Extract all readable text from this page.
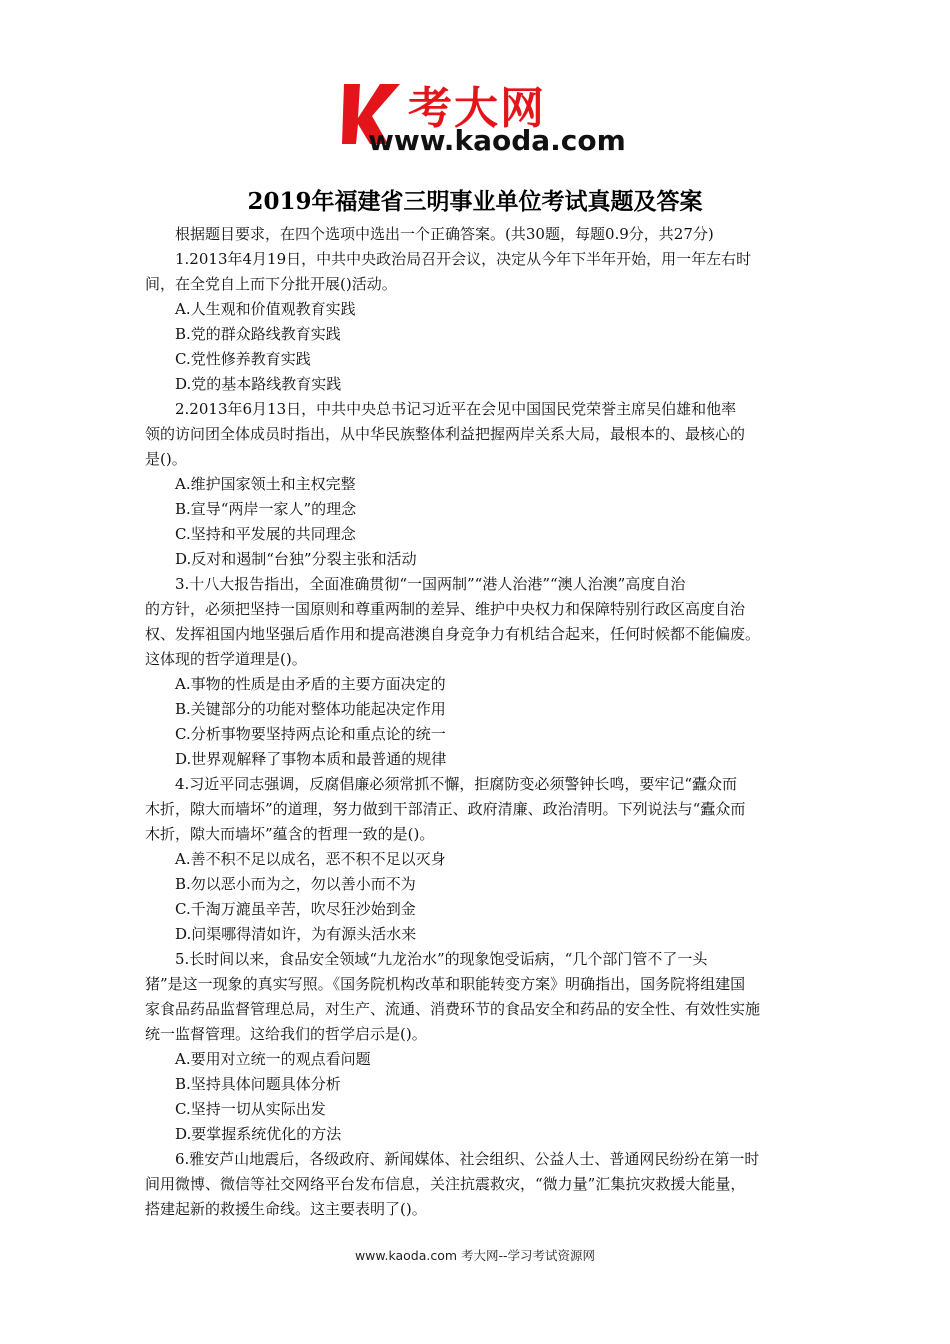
考大网
www.kaoda.com
2019年福建省三明事业单位考试真题及答案
根据题目要求，在四个选项中选出一个正确答案。(共30题，每题0.9分，共27分)
1.2013年4月19日，中共中央政治局召开会议，决定从今年下半年开始，用一年左右时
间，在全党自上而下分批开展()活动。
A.人生观和价值观教育实践
B.党的群众路线教育实践
C.党性修养教育实践
D.党的基本路线教育实践
2.2013年6月13日，中共中央总书记习近平在会见中国国民党荣誉主席吴伯雄和他率
领的访问团全体成员时指出，从中华民族整体利益把握两岸关系大局，最根本的、最核心的
是()。
A.维护国家领土和主权完整
B.宣导“两岸一家人”的理念
C.坚持和平发展的共同理念
D.反对和遏制“台独”分裂主张和活动
3.十八大报告指出，全面准确贯彻“一国两制”“港人治港”“澳人治澳”高度自治
的方针，必须把坚持一国原则和尊重两制的差异、维护中央权力和保障特别行政区高度自治
权、发挥祖国内地坚强后盾作用和提高港澳自身竞争力有机结合起来，任何时候都不能偏废。
这体现的哲学道理是()。
A.事物的性质是由矛盾的主要方面决定的
B.关键部分的功能对整体功能起决定作用
C.分析事物要坚持两点论和重点论的统一
D.世界观解释了事物本质和最普通的规律
4.习近平同志强调，反腐倡廉必须常抓不懈，拒腐防变必须警钟长鸣，要牢记“蠹众而
木折，隙大而墙坏”的道理，努力做到干部清正、政府清廉、政治清明。下列说法与“蠹众而
木折，隙大而墙坏”蕴含的哲理一致的是()。
A.善不积不足以成名，恶不积不足以灭身
B.勿以恶小而为之，勿以善小而不为
C.千淘万漉虽辛苦，吹尽狂沙始到金
D.问渠哪得清如许，为有源头活水来
5.长时间以来，食品安全领域“九龙治水”的现象饱受诟病，“几个部门管不了一头
猪”是这一现象的真实写照。《国务院机构改革和职能转变方案》明确指出，国务院将组建国
家食品药品监督管理总局，对生产、流通、消费环节的食品安全和药品的安全性、有效性实施
统一监督管理。这给我们的哲学启示是()。
A.要用对立统一的观点看问题
B.坚持具体问题具体分析
C.坚持一切从实际出发
D.要掌握系统优化的方法
6.雅安芦山地震后，各级政府、新闻媒体、社会组织、公益人士、普通网民纷纷在第一时
间用微博、微信等社交网络平台发布信息，关注抗震救灾，“微力量”汇集抗灾救援大能量，
搭建起新的救援生命线。这主要表明了()。
www.kaoda.com 考大网--学习考试资源网
